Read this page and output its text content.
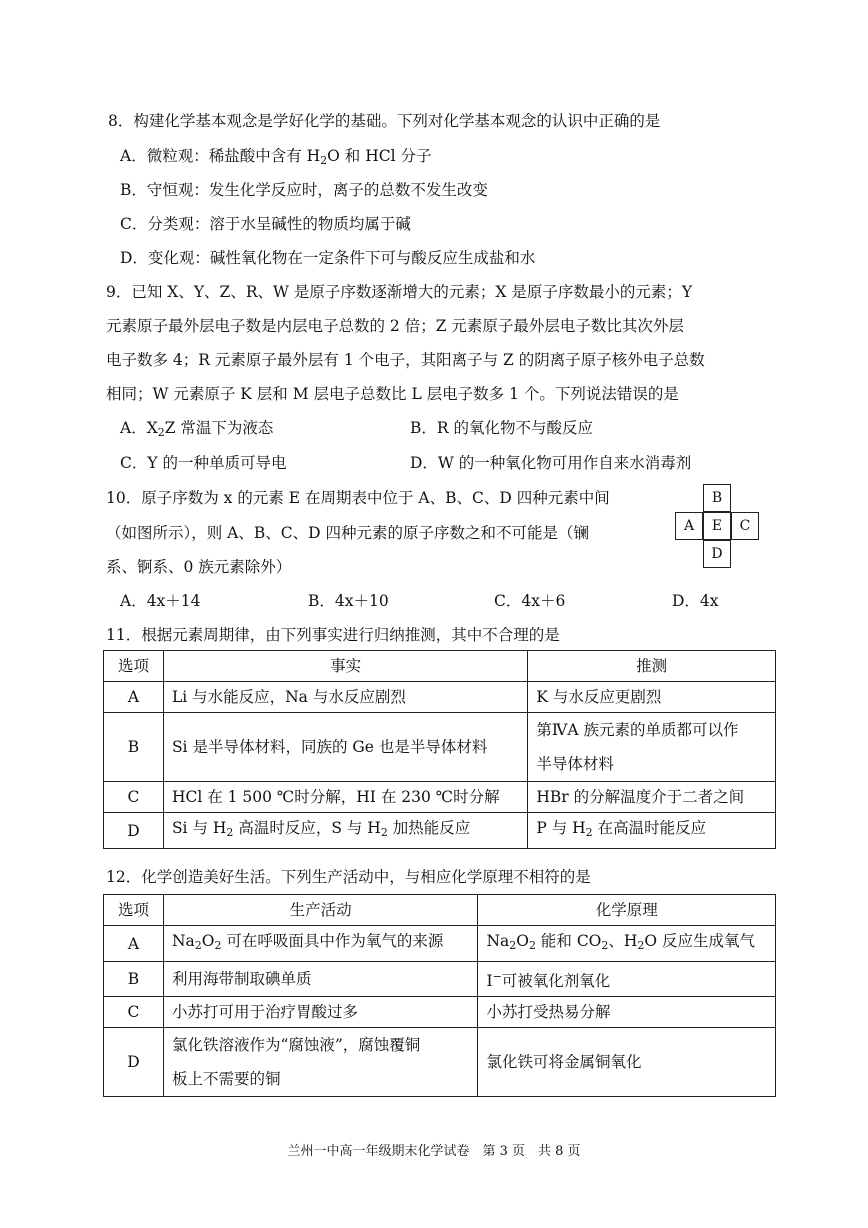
8．构建化学基本观念是学好化学的基础。下列对化学基本观念的认识中正确的是
A．微粒观：稀盐酸中含有 $H_2O$ 和 HCl 分子
B．守恒观：发生化学反应时，离子的总数不发生改变
C．分类观：溶于水呈碱性的物质均属于碱
D．变化观：碱性氧化物在一定条件下可与酸反应生成盐和水
9．已知 X、Y、Z、R、W 是原子序数逐渐增大的元素；X 是原子序数最小的元素；Y
元素原子最外层电子数是内层电子总数的 2 倍；Z 元素原子最外层电子数比其次外层
电子数多 4；R 元素原子最外层有 1 个电子，其阳离子与 Z 的阴离子原子核外电子总数
相同；W 元素原子 K 层和 M 层电子总数比 L 层电子数多 1 个。下列说法错误的是
A．$X_2Z$ 常温下为液态	B．R 的氧化物不与酸反应
C．Y 的一种单质可导电	D．W 的一种氧化物可用作自来水消毒剂
10．原子序数为 x 的元素 E 在周期表中位于 A、B、C、D 四种元素中间
（如图所示），则 A、B、C、D 四种元素的原子序数之和不可能是（镧
系、锕系、0 族元素除外）
A．4x＋14	B．4x＋10	C．4x＋6	D．4x
B
A	E	C
D
11．根据元素周期律，由下列事实进行归纳推测，其中不合理的是
选项	事实	推测
A	Li 与水能反应，Na 与水反应剧烈	K 与水反应更剧烈
B	Si 是半导体材料，同族的 Ge 也是半导体材料	第ⅣA 族元素的单质都可以作
半导体材料
C	HCl 在 1 500 ℃时分解，HI 在 230 ℃时分解	HBr 的分解温度介于二者之间
D	Si 与 $H_2$ 高温时反应，S 与 $H_2$ 加热能反应	P 与 $H_2$ 在高温时能反应
12．化学创造美好生活。下列生产活动中，与相应化学原理不相符的是
选项	生产活动	化学原理
A	$Na_2O_2$ 可在呼吸面具中作为氧气的来源	$Na_2O_2$ 能和 $CO_2$、$H_2O$ 反应生成氧气
B	利用海带制取碘单质	I−可被氧化剂氧化
C	小苏打可用于治疗胃酸过多	小苏打受热易分解
D	氯化铁溶液作为“腐蚀液”，腐蚀覆铜
板上不需要的铜	氯化铁可将金属铜氧化
兰州一中高一年级期末化学试卷　第 3 页　共 8 页
